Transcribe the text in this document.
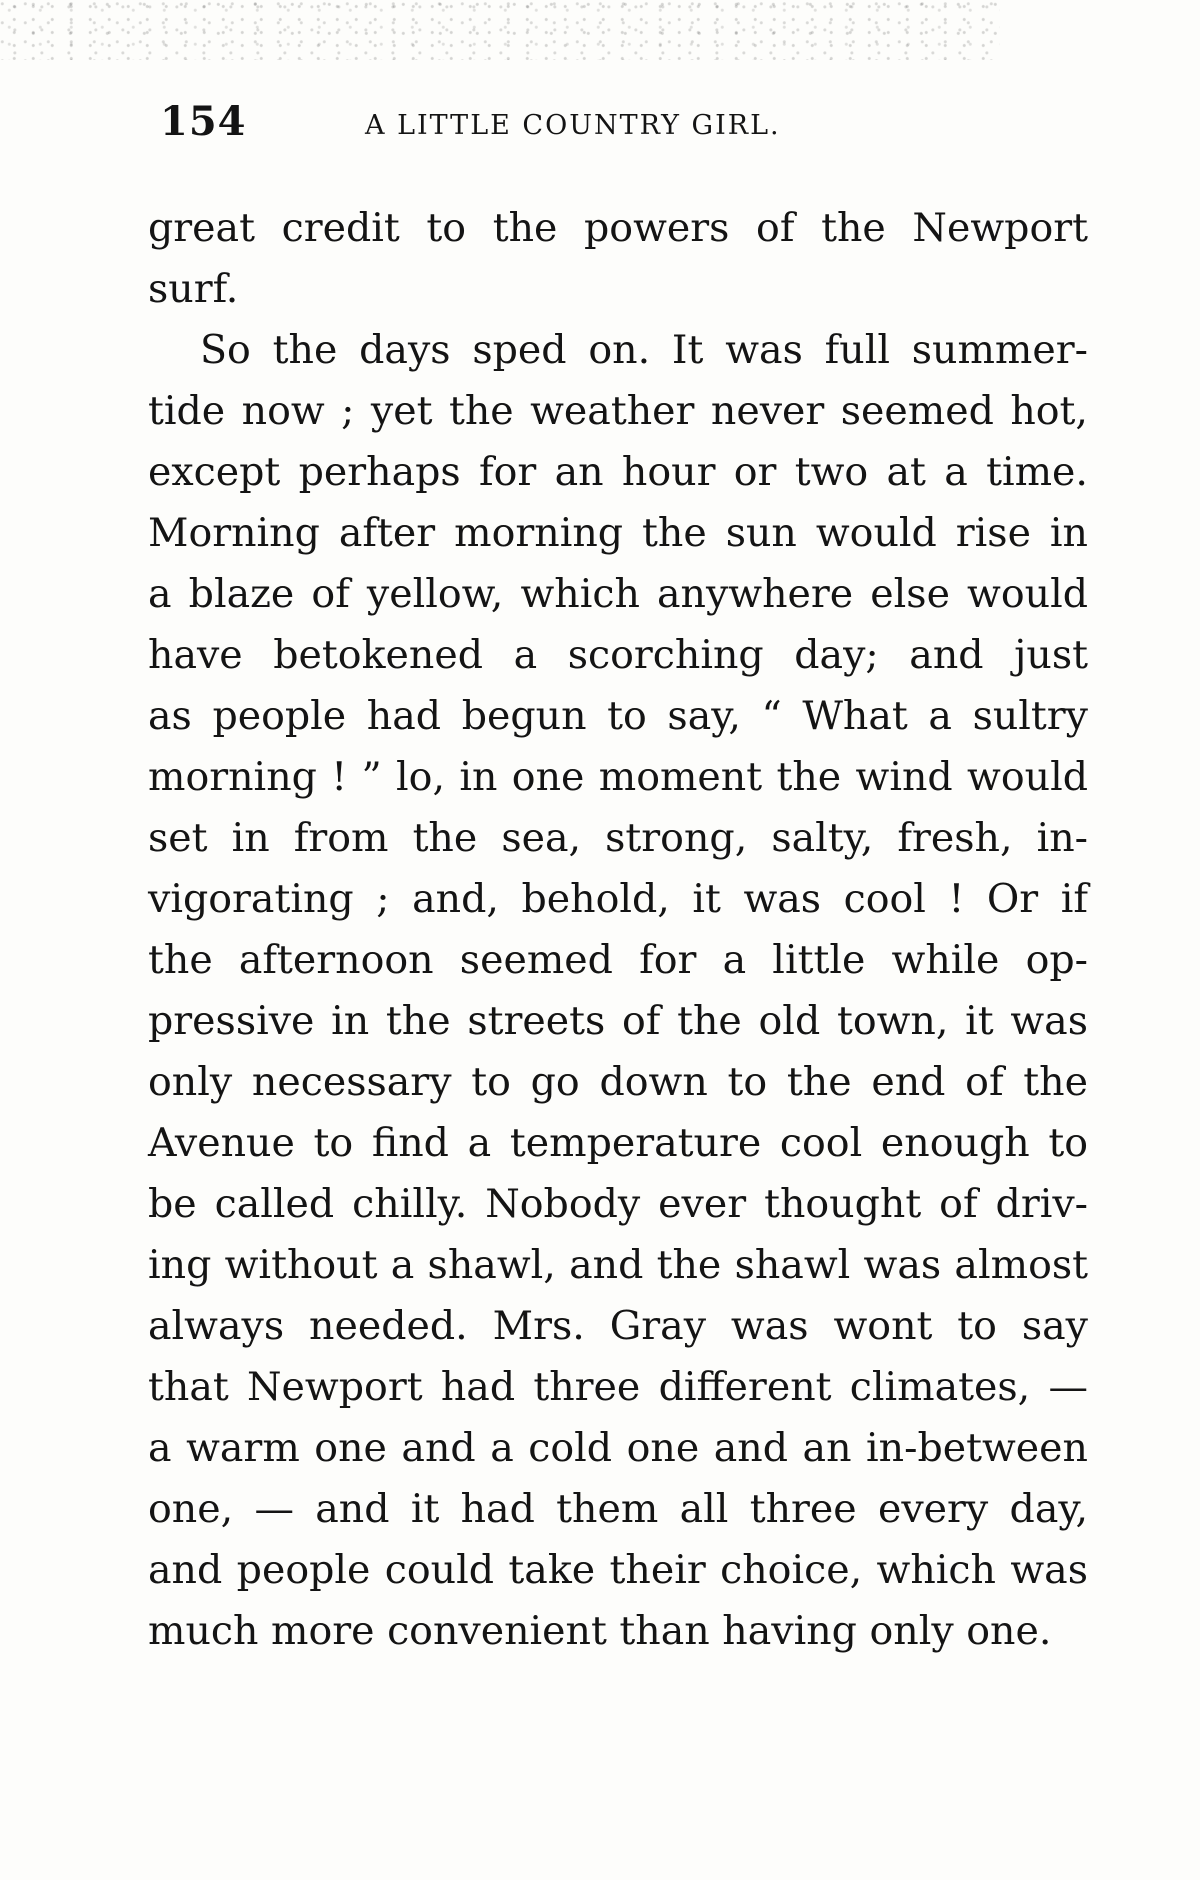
154	A LITTLE COUNTRY GIRL.
great credit to the powers of the Newport
surf.
So the days sped on. It was full summer-
tide now ; yet the weather never seemed hot,
except perhaps for an hour or two at a time.
Morning after morning the sun would rise in
a blaze of yellow, which anywhere else would
have betokened a scorching day; and just
as people had begun to say, “ What a sultry
morning ! ” lo, in one moment the wind would
set in from the sea, strong, salty, fresh, in-
vigorating ; and, behold, it was cool ! Or if
the afternoon seemed for a little while op-
pressive in the streets of the old town, it was
only necessary to go down to the end of the
Avenue to find a temperature cool enough to
be called chilly. Nobody ever thought of driv-
ing without a shawl, and the shawl was almost
always needed. Mrs. Gray was wont to say
that Newport had three different climates, —
a warm one and a cold one and an in-between
one, — and it had them all three every day,
and people could take their choice, which was
much more convenient than having only one.
